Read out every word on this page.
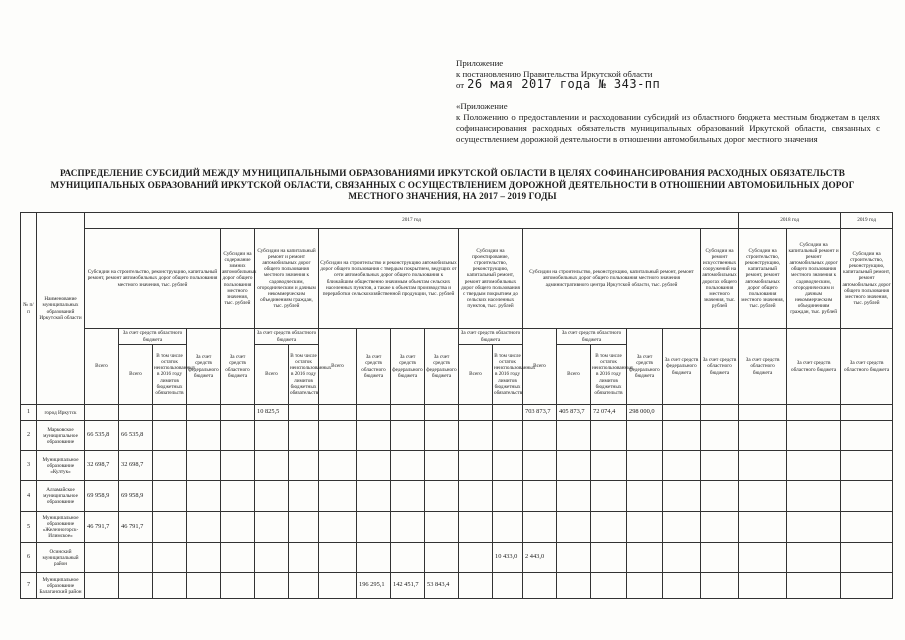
Приложение
к постановлению Правительства Иркутской области
от 26 мая 2017 года № 343-пп
«Приложение
к Положению о предоставлении и расходовании субсидий из областного бюджета местным бюджетам в целях софинансирования расходных обязательств муниципальных образований Иркутской области, связанных с осуществлением дорожной деятельности в отношении автомобильных дорог местного значения
РАСПРЕДЕЛЕНИЕ СУБСИДИЙ МЕЖДУ МУНИЦИПАЛЬНЫМИ ОБРАЗОВАНИЯМИ ИРКУТСКОЙ ОБЛАСТИ В ЦЕЛЯХ СОФИНАНСИРОВАНИЯ РАСХОДНЫХ ОБЯЗАТЕЛЬСТВ МУНИЦИПАЛЬНЫХ ОБРАЗОВАНИЙ ИРКУТСКОЙ ОБЛАСТИ, СВЯЗАННЫХ С ОСУЩЕСТВЛЕНИЕМ ДОРОЖНОЙ ДЕЯТЕЛЬНОСТИ В ОТНОШЕНИИ АВТОМОБИЛЬНЫХ ДОРОГ МЕСТНОГО ЗНАЧЕНИЯ, НА 2017 – 2019 ГОДЫ
№ п/п	Наименование муниципальных образований Иркутской области	2017 год																			2018 год		2019 год
		Субсидии на строительство, реконструкцию, капитальный ремонт, ремонт автомобильных дорог общего пользования местного значения, тыс. рублей				Субсидии на содержание зимних автомобильных дорог общего пользования местного значения, тыс. рублей	Субсидии на капитальный ремонт и ремонт автомобильных дорог общего пользования местного значения к садоводческим, огородническим и дачным некоммерческим объединениям граждан, тыс. рублей		Субсидии на строительство и реконструкцию автомобильных дорог общего пользования с твердым покрытием, ведущих от сети автомобильных дорог общего пользования к ближайшим общественно значимым объектам сельских населенных пунктов, а также к объектам производства и переработки сельскохозяйственной продукции, тыс. рублей				Субсидии на проектирование, строительство, реконструкцию, капитальный ремонт, ремонт автомобильных дорог общего пользования с твердым покрытием до сельских населенных пунктов, тыс. рублей		Субсидии на строительство, реконструкцию, капитальный ремонт, ремонт автомобильных дорог общего пользования местного значения административного центра Иркутской области, тыс. рублей					Субсидии на ремонт искусственных сооружений на автомобильных дорогах общего пользования местного значения, тыс. рублей	Субсидии на строительство, реконструкцию, капитальный ремонт, ремонт автомобильных дорог общего пользования местного значения, тыс. рублей	Субсидии на капитальный ремонт и ремонт автомобильных дорог общего пользования местного значения к садоводческим, огородническим и дачным некоммерческим объединениям граждан, тыс. рублей	Субсидии на строительство, реконструкцию, капитальный ремонт, ремонт автомобильных дорог общего пользования местного значения, тыс. рублей
		Всего	За счет средств областного бюджета		За счет средств федерального бюджета	За счет средств областного бюджета	За счет средств областного бюджета		Всего	За счет средств областного бюджета	За счет средств федерального бюджета	За счет средств федерального бюджета	За счет средств областного бюджета		Всего	За счет средств областного бюджета		За счет средств федерального бюджета	За счет средств федерального бюджета	За счет средств областного бюджета	За счет средств областного бюджета	За счет средств областного бюджета	За счет средств областного бюджета
			Всего	В том числе остаток неиспользованных в 2016 году лимитов бюджетных обязательств			Всего	В том числе остаток неиспользованных в 2016 году лимитов бюджетных обязательств					Всего	В том числе остаток неиспользованных в 2016 году лимитов бюджетных обязательств		Всего	В том числе остаток неиспользованных в 2016 году лимитов бюджетных обязательств						
1	город Иркутск						10 825,5								703 873,7	405 873,7	72 074,4	298 000,0					
2	Марковское муниципальное образование	66 535,8	66 535,8																				
3	Муниципальное образование «Култук»	32 698,7	32 698,7																				
4	Алзамайское муниципальное образование	69 958,9	69 958,9																				
5	Муниципальное образование «Железногорск-Илимское»	46 791,7	46 791,7																				
6	Осинский муниципальный район													10 433,0	2 443,0								
7	Муниципальное образование Балаганский район									196 295,1	142 451,7	53 843,4											
